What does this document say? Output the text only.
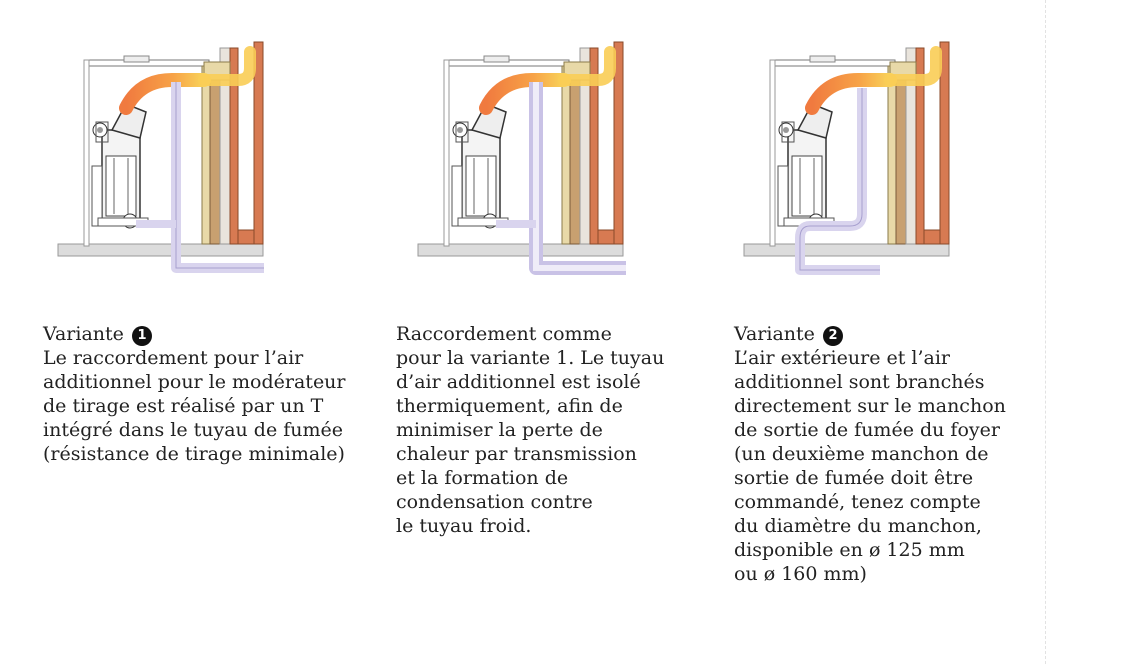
Variante 1

Le raccordement pour l’air
additionnel pour le modérateur
de tirage est réalisé par un T
intégré dans le tuyau de fumée
(résistance de tirage minimale)

Raccordement comme
pour la variante 1. Le tuyau
d’air additionnel est isolé
thermiquement, afin de
minimiser la perte de
chaleur par transmission
et la formation de
condensation contre
le tuyau froid.

Variante 2

L’air extérieure et l’air
additionnel sont branchés
directement sur le manchon
de sortie de fumée du foyer
(un deuxième manchon de
sortie de fumée doit être
commandé, tenez compte
du diamètre du manchon,
disponible en ø 125 mm
ou ø 160 mm)
